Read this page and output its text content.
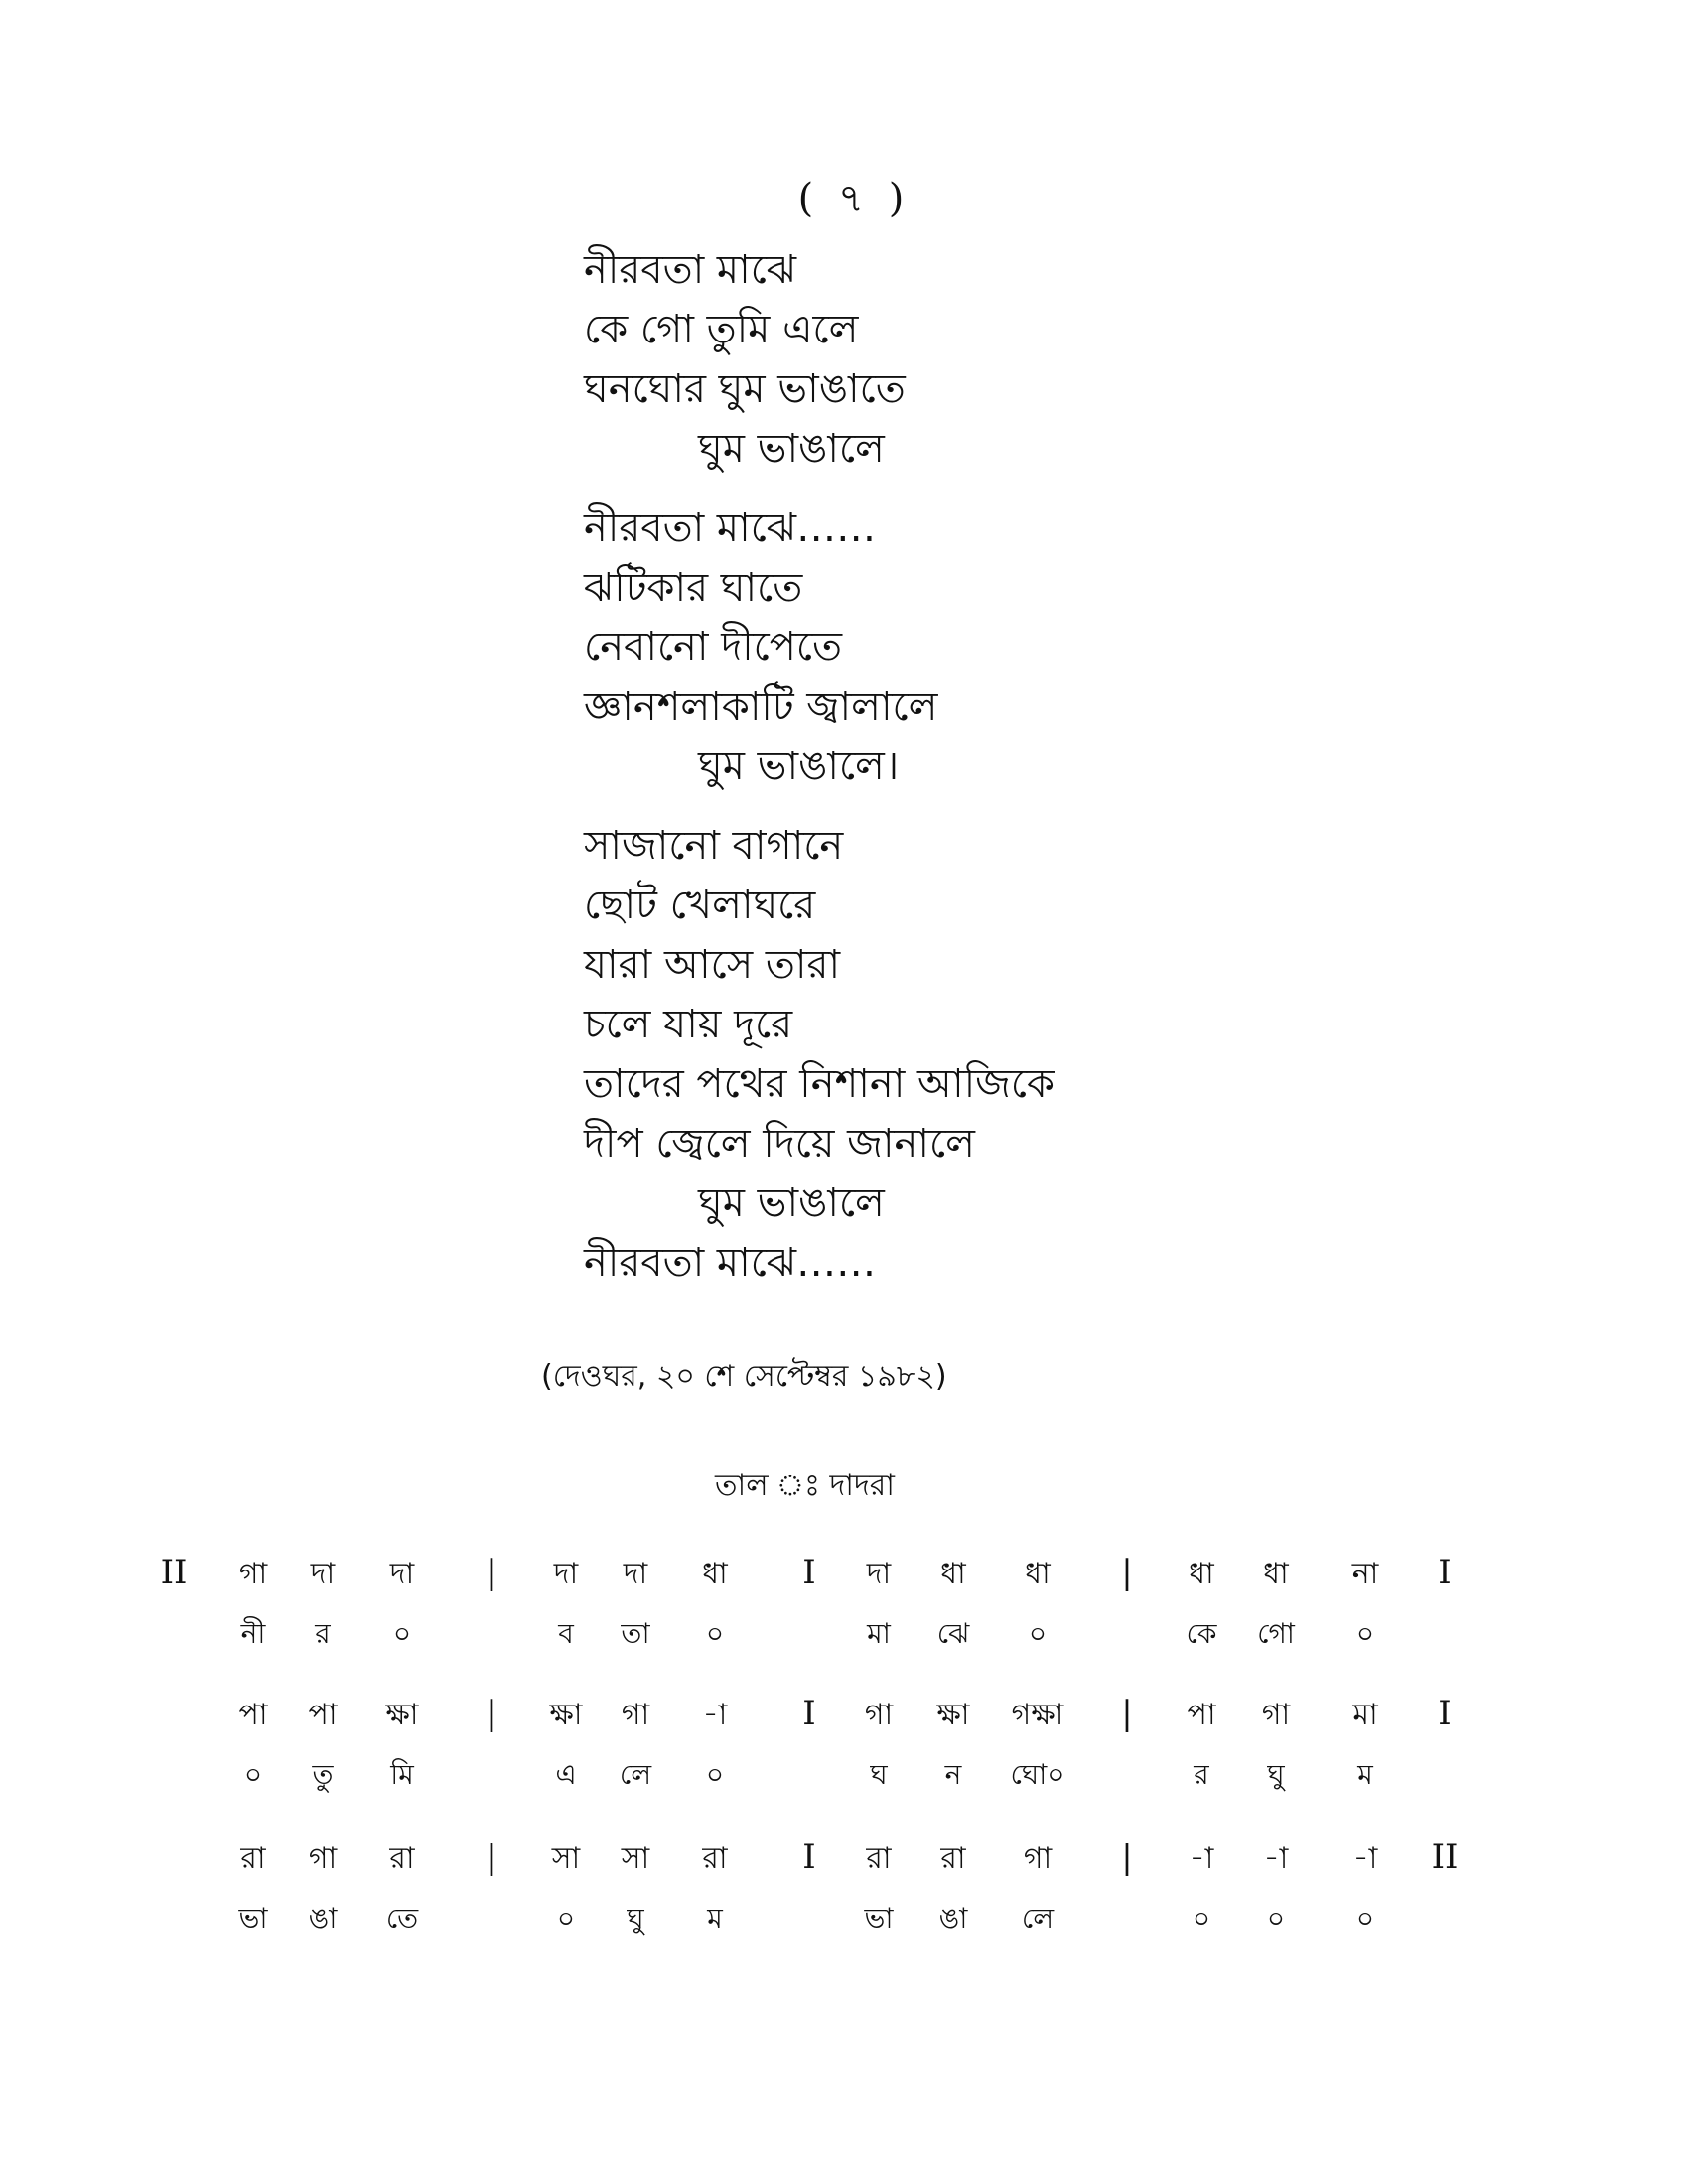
( ৭ )
নীরবতা মাঝে
কে গো তুমি এলে
ঘনঘোর ঘুম ভাঙাতে
ঘুম ভাঙালে
নীরবতা মাঝে……
ঝটিকার ঘাতে
নেবানো দীপেতে
জ্ঞানশলাকাটি জ্বালালে
ঘুম ভাঙালে।
সাজানো বাগানে
ছোট খেলাঘরে
যারা আসে তারা
চলে যায় দূরে
তাদের পথের নিশানা আজিকে
দীপ জ্বেলে দিয়ে জানালে
ঘুম ভাঙালে
নীরবতা মাঝে……
(দেওঘর, ২০ শে সেপ্টেম্বর ১৯৮২)
তাল ঃ দাদরা
II গা দা দা
নী র ০
| দা দা ধা
ব তা ০
I দা ধা ধা
মা ঝে ০
| ধা ধা না
কে গো ০
I
পা পা ক্ষা
০ তু মি
| ক্ষা গা -া
এ লে ০
I গা ক্ষা গক্ষা
ঘ ন ঘো০
| পা গা মা
র ঘু	ম
I
রা গা রা
ভা ঙা তে
| সা সা রা
০ ঘু ম
I রা রা গা
ভা ঙা লে
| -া -া -া
০ ০	০
II
